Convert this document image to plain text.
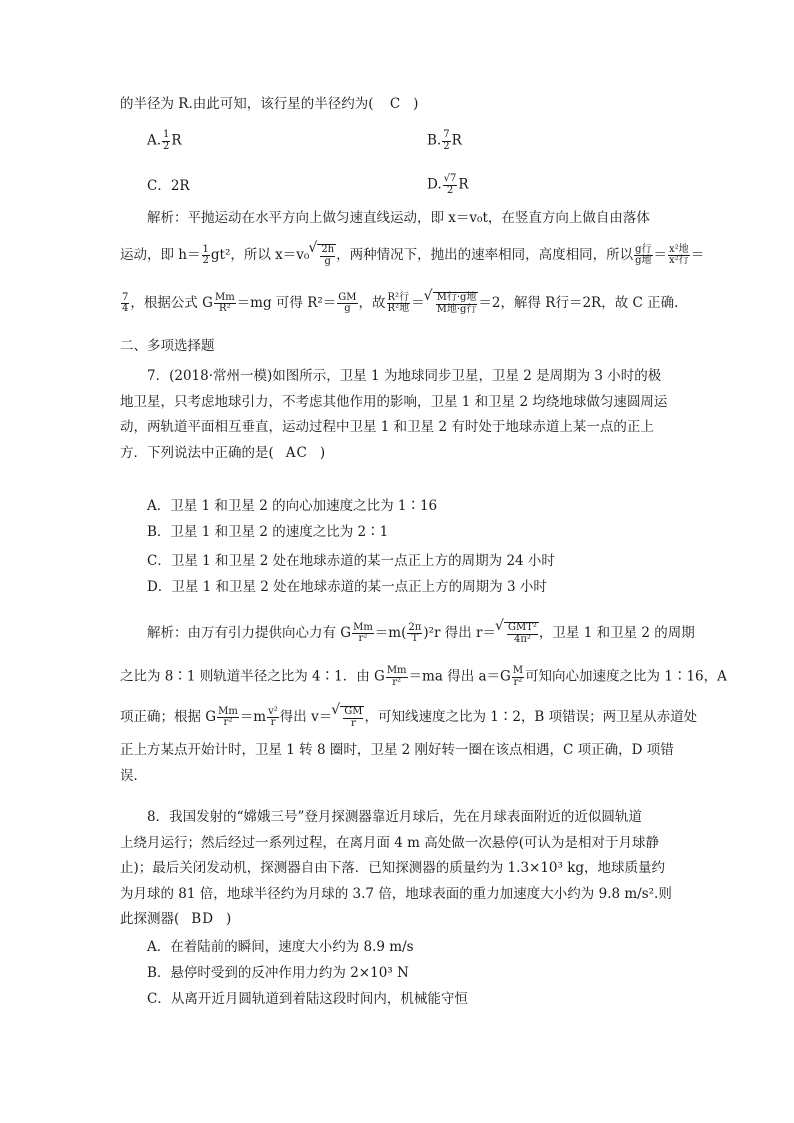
的半径为 R.由此可知，该行星的半径约为( C )
A. $\frac{1}{2}$ R	B. $\frac{7}{2}$ R
C．2R	D. $\frac{√7}{2}$ R
解析：平抛运动在水平方向上做匀速直线运动，即 x＝v₀t，在竖直方向上做自由落体
运动，即 $h= \frac{1}{2} gt^2$，所以 x＝v₀ √ $\frac{2h}{g}$ ，两种情况下，抛出的速率相同，高度相同，所以 $\frac{\text{g行}}{\text{g地}} = \frac{\text{x²地}}{\text{x²行}}$ ＝
$\frac{7}{4}$ ，根据公式 G $\frac{Mm}{\text{R²}} =mg$ 可得 $R^2= \frac{GM}{g}$ ，故 $\frac{\text{R²行}}{\text{R²地}}$ ＝ √ $\frac{\text{M行·g地}}{\text{M地·g行}} =2$，解得 R行＝2R，故 C 正确.
二、多项选择题
7．(2018·常州一模)如图所示，卫星 1 为地球同步卫星，卫星 2 是周期为 3 小时的极
地卫星，只考虑地球引力，不考虑其他作用的影响，卫星 1 和卫星 2 均绕地球做匀速圆周运
动，两轨道平面相互垂直，运动过程中卫星 1 和卫星 2 有时处于地球赤道上某一点的正上
方．下列说法中正确的是( AC )
A．卫星 1 和卫星 2 的向心加速度之比为 1∶16
B．卫星 1 和卫星 2 的速度之比为 2∶1
C．卫星 1 和卫星 2 处在地球赤道的某一点正上方的周期为 24 小时
D．卫星 1 和卫星 2 处在地球赤道的某一点正上方的周期为 3 小时
解析：由万有引力提供向心力有 G $\frac{Mm}{\text{r²}} =m( \frac{2\pi}{T} )^2r$ 得出 r＝ √ $\frac{\text{GMT²}}{\text{4π²}}$ ，卫星 1 和卫星 2 的周期
之比为 8∶1 则轨道半径之比为 4∶1．由 G $\frac{Mm}{\text{r²}} =ma$ 得出 $a=G \frac{M}{\text{r²}}$ 可知向心加速度之比为 1∶16，A
项正确；根据 G $\frac{Mm}{\text{r²}} =m \frac{\text{v²}}{r}$ 得出 v＝ √ $\frac{GM}{r}$ ，可知线速度之比为 1∶2，B 项错误；两卫星从赤道处
正上方某点开始计时，卫星 1 转 8 圈时，卫星 2 刚好转一圈在该点相遇，C 项正确，D 项错
误．
8．我国发射的“嫦娥三号”登月探测器靠近月球后，先在月球表面附近的近似圆轨道
上绕月运行；然后经过一系列过程，在离月面 4 m 高处做一次悬停(可认为是相对于月球静
止)；最后关闭发动机，探测器自由下落．已知探测器的质量约为 1.3×10³ kg，地球质量约
为月球的 81 倍，地球半径约为月球的 3.7 倍，地球表面的重力加速度大小约为 9.8 m/s².则
此探测器( BD )
A．在着陆前的瞬间，速度大小约为 8.9 m/s
B．悬停时受到的反冲作用力约为 2×10³ N
C．从离开近月圆轨道到着陆这段时间内，机械能守恒
